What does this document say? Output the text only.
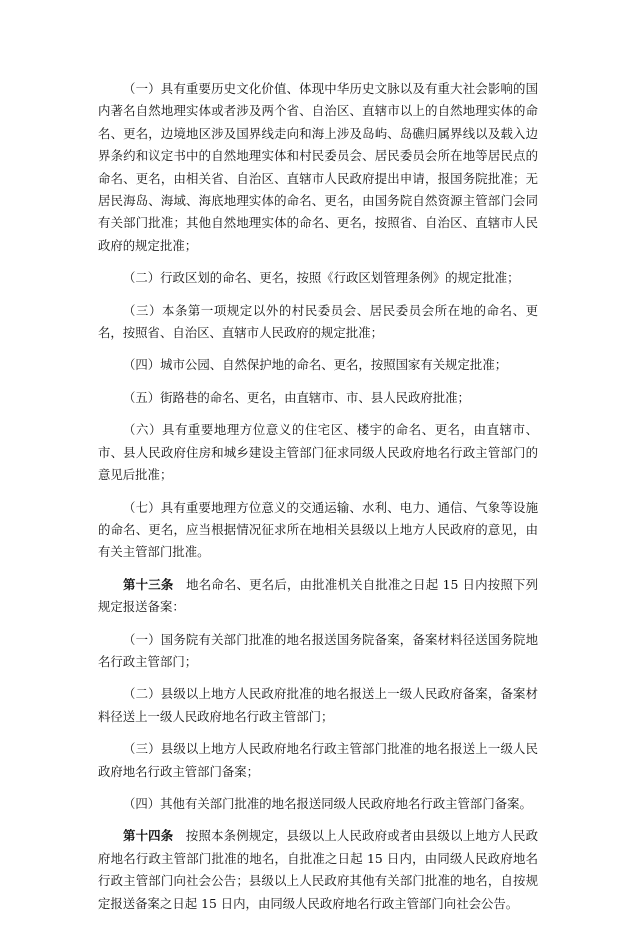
（一）具有重要历史文化价值、体现中华历史文脉以及有重大社会影响的国内著名自然地理实体或者涉及两个省、自治区、直辖市以上的自然地理实体的命名、更名，边境地区涉及国界线走向和海上涉及岛屿、岛礁归属界线以及载入边界条约和议定书中的自然地理实体和村民委员会、居民委员会所在地等居民点的命名、更名，由相关省、自治区、直辖市人民政府提出申请，报国务院批准；无居民海岛、海域、海底地理实体的命名、更名，由国务院自然资源主管部门会同有关部门批准；其他自然地理实体的命名、更名，按照省、自治区、直辖市人民政府的规定批准；

（二）行政区划的命名、更名，按照《行政区划管理条例》的规定批准；

（三）本条第一项规定以外的村民委员会、居民委员会所在地的命名、更名，按照省、自治区、直辖市人民政府的规定批准；

（四）城市公园、自然保护地的命名、更名，按照国家有关规定批准；

（五）街路巷的命名、更名，由直辖市、市、县人民政府批准；

（六）具有重要地理方位意义的住宅区、楼宇的命名、更名，由直辖市、市、县人民政府住房和城乡建设主管部门征求同级人民政府地名行政主管部门的意见后批准；

（七）具有重要地理方位意义的交通运输、水利、电力、通信、气象等设施的命名、更名，应当根据情况征求所在地相关县级以上地方人民政府的意见，由有关主管部门批准。

第十三条　地名命名、更名后，由批准机关自批准之日起 15 日内按照下列规定报送备案：

（一）国务院有关部门批准的地名报送国务院备案，备案材料径送国务院地名行政主管部门；

（二）县级以上地方人民政府批准的地名报送上一级人民政府备案，备案材料径送上一级人民政府地名行政主管部门；

（三）县级以上地方人民政府地名行政主管部门批准的地名报送上一级人民政府地名行政主管部门备案；

（四）其他有关部门批准的地名报送同级人民政府地名行政主管部门备案。

第十四条　按照本条例规定，县级以上人民政府或者由县级以上地方人民政府地名行政主管部门批准的地名，自批准之日起 15 日内，由同级人民政府地名行政主管部门向社会公告；县级以上人民政府其他有关部门批准的地名，自按规定报送备案之日起 15 日内，由同级人民政府地名行政主管部门向社会公告。
